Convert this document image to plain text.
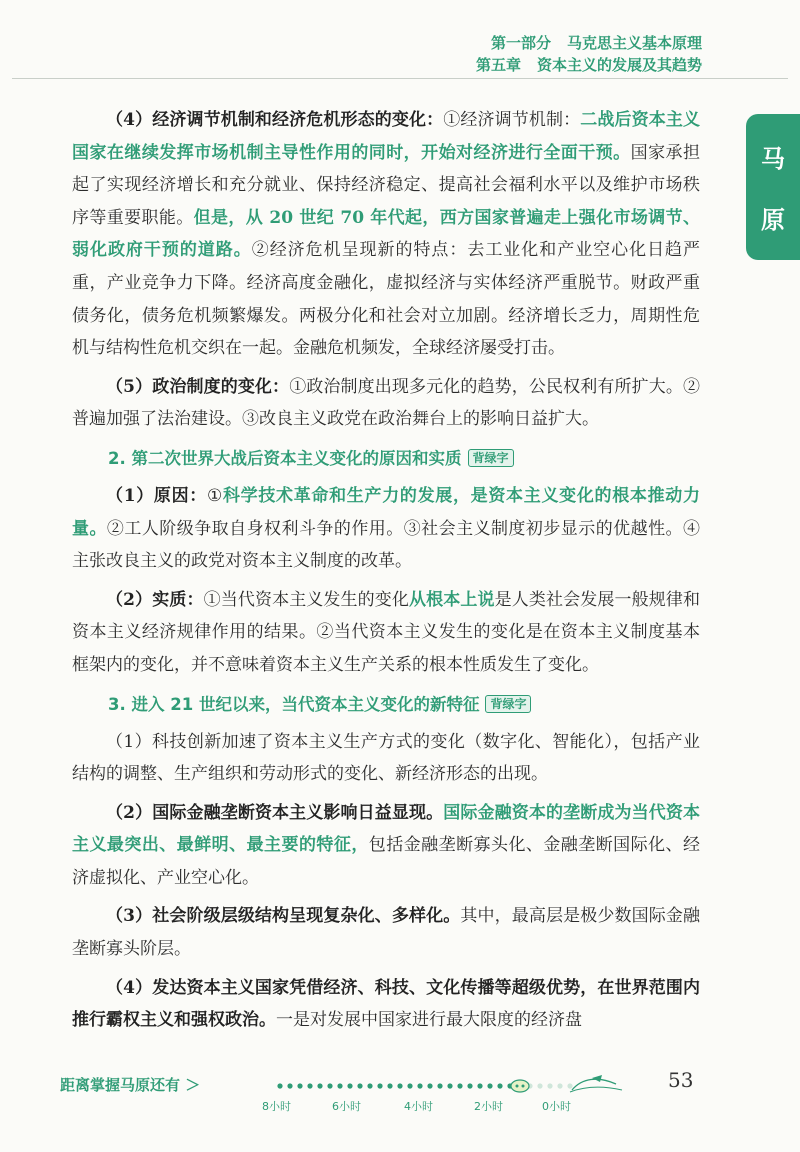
第一部分 马克思主义基本原理
第五章 资本主义的发展及其趋势
马
原

（4）经济调节机制和经济危机形态的变化：①经济调节机制：二战后资本主义国家在继续发挥市场机制主导性作用的同时，开始对经济进行全面干预。国家承担起了实现经济增长和充分就业、保持经济稳定、提高社会福利水平以及维护市场秩序等重要职能。但是，从 20 世纪 70 年代起，西方国家普遍走上强化市场调节、弱化政府干预的道路。②经济危机呈现新的特点：去工业化和产业空心化日趋严重，产业竞争力下降。经济高度金融化，虚拟经济与实体经济严重脱节。财政严重债务化，债务危机频繁爆发。两极分化和社会对立加剧。经济增长乏力，周期性危机与结构性危机交织在一起。金融危机频发，全球经济屡受打击。

（5）政治制度的变化：①政治制度出现多元化的趋势，公民权利有所扩大。②普遍加强了法治建设。③改良主义政党在政治舞台上的影响日益扩大。

2. 第二次世界大战后资本主义变化的原因和实质 背绿字

（1）原因：①科学技术革命和生产力的发展，是资本主义变化的根本推动力量。②工人阶级争取自身权利斗争的作用。③社会主义制度初步显示的优越性。④主张改良主义的政党对资本主义制度的改革。

（2）实质：①当代资本主义发生的变化从根本上说是人类社会发展一般规律和资本主义经济规律作用的结果。②当代资本主义发生的变化是在资本主义制度基本框架内的变化，并不意味着资本主义生产关系的根本性质发生了变化。

3. 进入 21 世纪以来，当代资本主义变化的新特征 背绿字

（1）科技创新加速了资本主义生产方式的变化（数字化、智能化），包括产业结构的调整、生产组织和劳动形式的变化、新经济形态的出现。

（2）国际金融垄断资本主义影响日益显现。国际金融资本的垄断成为当代资本主义最突出、最鲜明、最主要的特征，包括金融垄断寡头化、金融垄断国际化、经济虚拟化、产业空心化。

（3）社会阶级层级结构呈现复杂化、多样化。其中，最高层是极少数国际金融垄断寡头阶层。

（4）发达资本主义国家凭借经济、科技、文化传播等超级优势，在世界范围内推行霸权主义和强权政治。一是对发展中国家进行最大限度的经济盘

距离掌握马原还有 ＞
8小时	6小时	4小时	2小时	0小时
53
